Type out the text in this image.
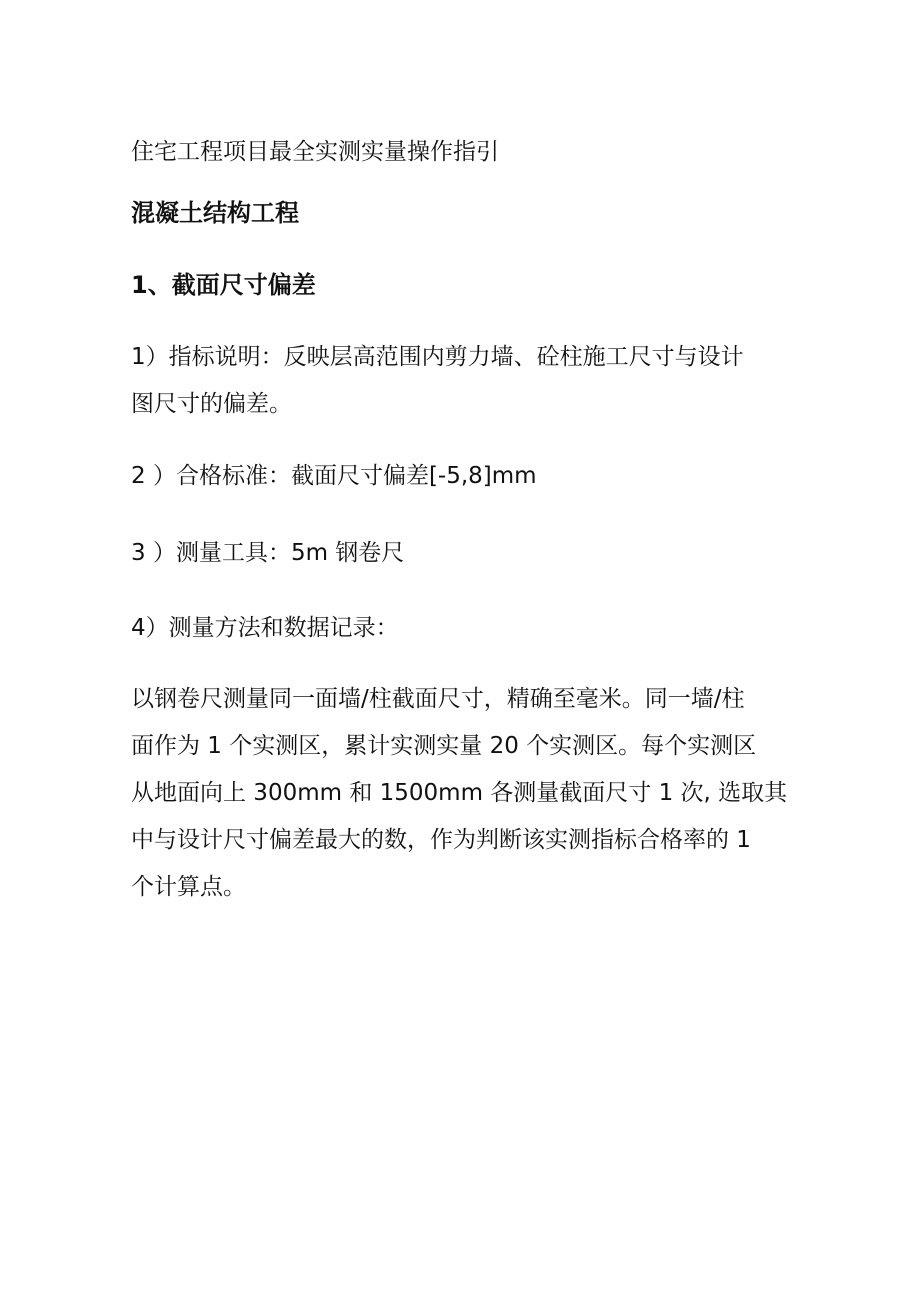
住宅工程项目最全实测实量操作指引
混凝土结构工程
1、截面尺寸偏差
1）指标说明：反映层高范围内剪力墙、砼柱施工尺寸与设计
图尺寸的偏差。
2 ）合格标准：截面尺寸偏差[-5,8]mm
3 ）测量工具：5m 钢卷尺
4）测量方法和数据记录：
以钢卷尺测量同一面墙/柱截面尺寸，精确至毫米。同一墙/柱
面作为 1 个实测区，累计实测实量 20 个实测区。每个实测区
从地面向上 300mm 和 1500mm 各测量截面尺寸 1 次, 选取其
中与设计尺寸偏差最大的数，作为判断该实测指标合格率的 1
个计算点。
